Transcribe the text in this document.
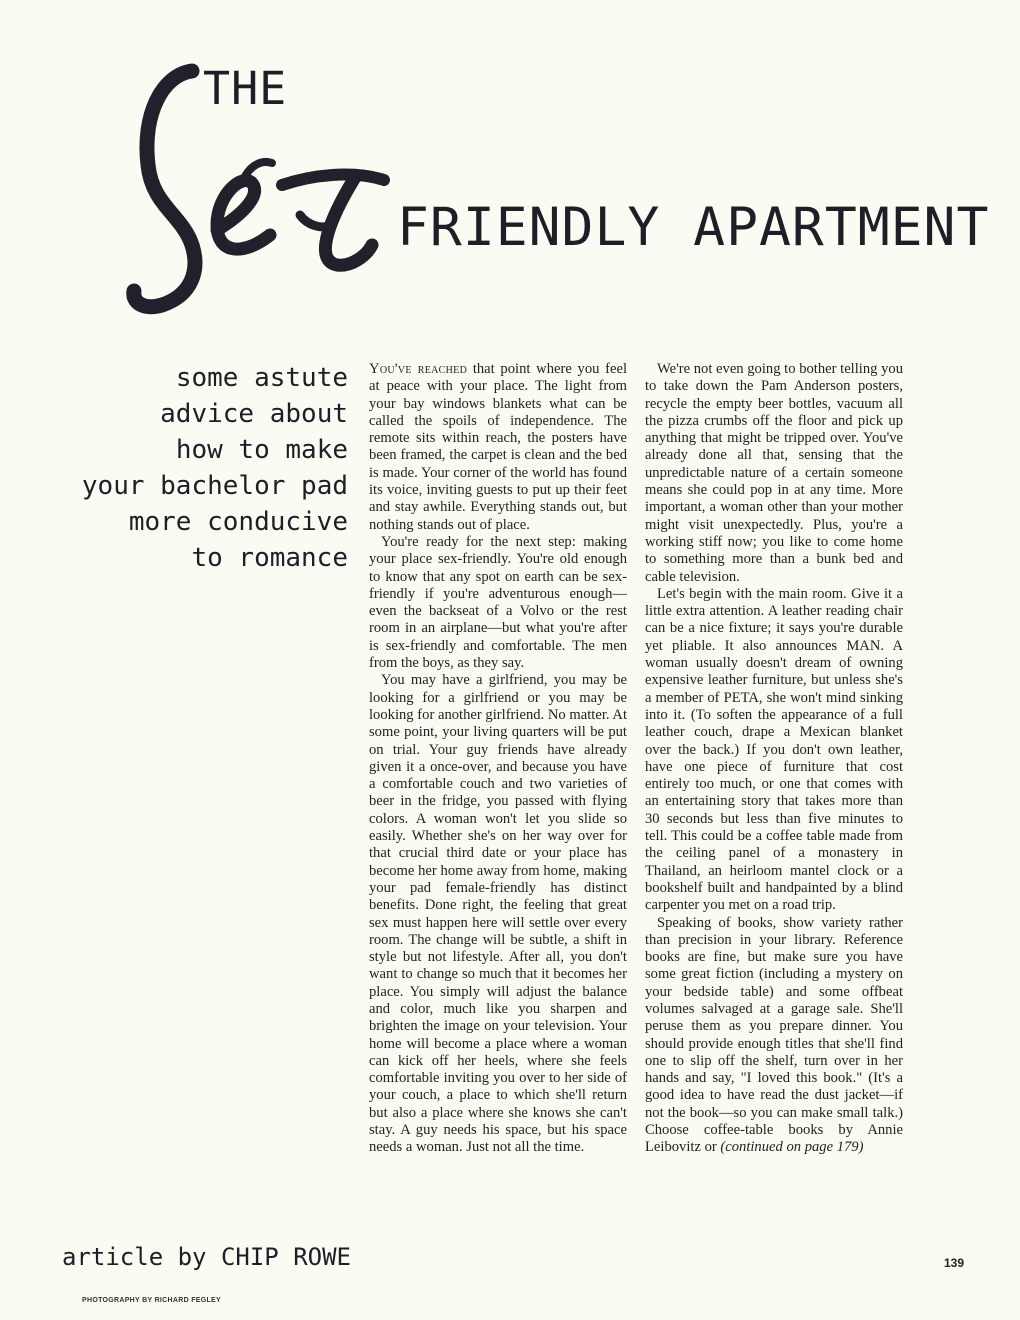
THE
FRIENDLY APARTMENT
some astute
advice about
how to make
your bachelor pad
more conducive
to romance
article by CHIP ROWE

You've reached that point where you feel at peace with your place. The light from your bay windows blankets what can be called the spoils of independence. The remote sits within reach, the posters have been framed, the carpet is clean and the bed is made. Your corner of the world has found its voice, inviting guests to put up their feet and stay awhile. Everything stands out, but nothing stands out of place.

You're ready for the next step: making your place sex-friendly. You're old enough to know that any spot on earth can be sex-friendly if you're adventurous enough—even the backseat of a Volvo or the rest room in an airplane—but what you're after is sex-friendly and comfortable. The men from the boys, as they say.

You may have a girlfriend, you may be looking for a girlfriend or you may be looking for another girlfriend. No matter. At some point, your living quarters will be put on trial. Your guy friends have already given it a once-over, and because you have a comfortable couch and two varieties of beer in the fridge, you passed with flying colors. A woman won't let you slide so easily. Whether she's on her way over for that crucial third date or your place has become her home away from home, making your pad female-friendly has distinct benefits. Done right, the feeling that great sex must happen here will settle over every room. The change will be subtle, a shift in style but not lifestyle. After all, you don't want to change so much that it becomes her place. You simply will adjust the balance and color, much like you sharpen and brighten the image on your television. Your home will become a place where a woman can kick off her heels, where she feels comfortable inviting you over to her side of your couch, a place to which she'll return but also a place where she knows she can't stay. A guy needs his space, but his space needs a woman. Just not all the time.

We're not even going to bother telling you to take down the Pam Anderson posters, recycle the empty beer bottles, vacuum all the pizza crumbs off the floor and pick up anything that might be tripped over. You've already done all that, sensing that the unpredictable nature of a certain someone means she could pop in at any time. More important, a woman other than your mother might visit unexpectedly. Plus, you're a working stiff now; you like to come home to something more than a bunk bed and cable television.

Let's begin with the main room. Give it a little extra attention. A leather reading chair can be a nice fixture; it says you're durable yet pliable. It also announces MAN. A woman usually doesn't dream of owning expensive leather furniture, but unless she's a member of PETA, she won't mind sinking into it. (To soften the appearance of a full leather couch, drape a Mexican blanket over the back.) If you don't own leather, have one piece of furniture that cost entirely too much, or one that comes with an entertaining story that takes more than 30 seconds but less than five minutes to tell. This could be a coffee table made from the ceiling panel of a monastery in Thailand, an heirloom mantel clock or a bookshelf built and handpainted by a blind carpenter you met on a road trip.

Speaking of books, show variety rather than precision in your library. Reference books are fine, but make sure you have some great fiction (including a mystery on your bedside table) and some offbeat volumes salvaged at a garage sale. She'll peruse them as you prepare dinner. You should provide enough titles that she'll find one to slip off the shelf, turn over in her hands and say, "I loved this book." (It's a good idea to have read the dust jacket—if not the book—so you can make small talk.) Choose coffee-table books by Annie Leibovitz or (continued on page 179)

139
PHOTOGRAPHY BY RICHARD FEGLEY
